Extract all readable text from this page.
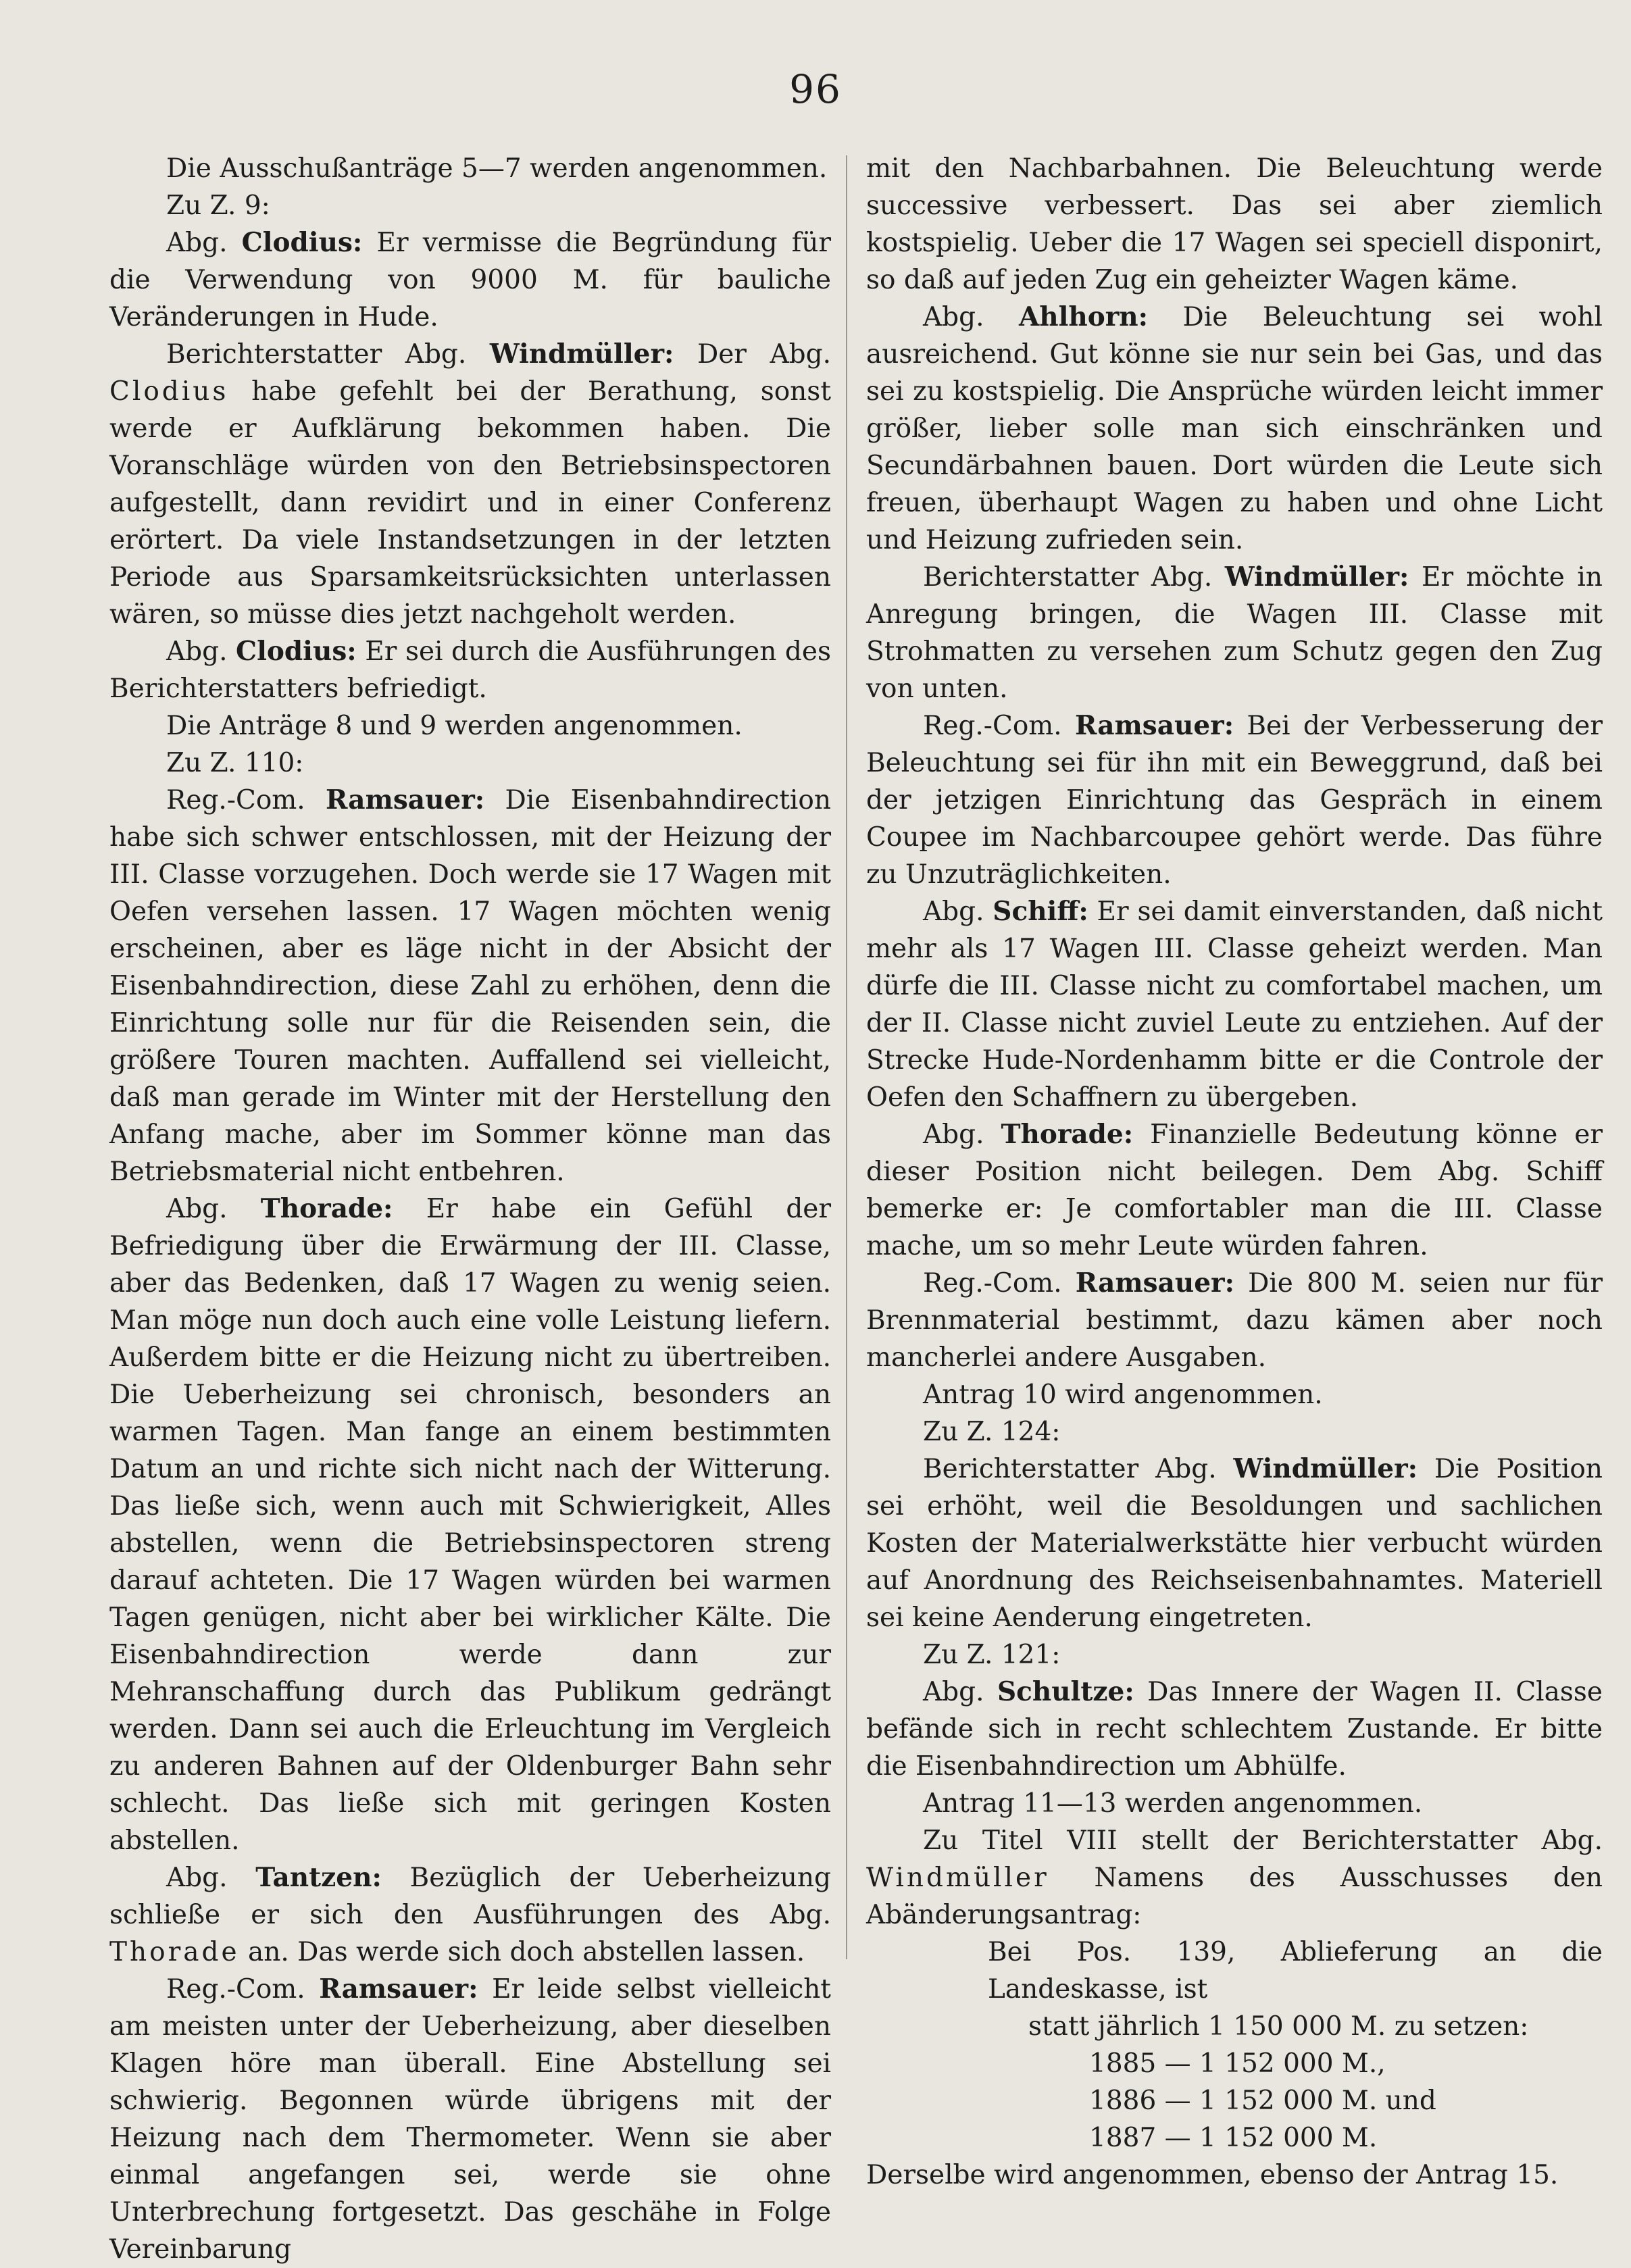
96

Die Ausschußanträge 5—7 werden angenommen.

Zu Z. 9:

Abg. Clodius: Er vermisse die Begründung für die Verwendung von 9000 M. für bauliche Veränderungen in Hude.

Berichterstatter Abg. Windmüller: Der Abg. Clodius habe gefehlt bei der Berathung, sonst werde er Aufklärung bekommen haben. Die Voranschläge würden von den Betriebsinspectoren aufgestellt, dann revidirt und in einer Conferenz erörtert. Da viele Instandsetzungen in der letzten Periode aus Sparsamkeitsrücksichten unterlassen wären, so müsse dies jetzt nachgeholt werden.

Abg. Clodius: Er sei durch die Ausführungen des Berichterstatters befriedigt.

Die Anträge 8 und 9 werden angenommen.

Zu Z. 110:

Reg.-Com. Ramsauer: Die Eisenbahndirection habe sich schwer entschlossen, mit der Heizung der III. Classe vorzugehen. Doch werde sie 17 Wagen mit Oefen versehen lassen. 17 Wagen möchten wenig erscheinen, aber es läge nicht in der Absicht der Eisenbahndirection, diese Zahl zu erhöhen, denn die Einrichtung solle nur für die Reisenden sein, die größere Touren machten. Auffallend sei vielleicht, daß man gerade im Winter mit der Herstellung den Anfang mache, aber im Sommer könne man das Betriebsmaterial nicht entbehren.

Abg. Thorade: Er habe ein Gefühl der Befriedigung über die Erwärmung der III. Classe, aber das Bedenken, daß 17 Wagen zu wenig seien. Man möge nun doch auch eine volle Leistung liefern. Außerdem bitte er die Heizung nicht zu übertreiben. Die Ueberheizung sei chronisch, besonders an warmen Tagen. Man fange an einem bestimmten Datum an und richte sich nicht nach der Witterung. Das ließe sich, wenn auch mit Schwierigkeit, Alles abstellen, wenn die Betriebsinspectoren streng darauf achteten. Die 17 Wagen würden bei warmen Tagen genügen, nicht aber bei wirklicher Kälte. Die Eisenbahndirection werde dann zur Mehranschaffung durch das Publikum gedrängt werden. Dann sei auch die Erleuchtung im Vergleich zu anderen Bahnen auf der Oldenburger Bahn sehr schlecht. Das ließe sich mit geringen Kosten abstellen.

Abg. Tantzen: Bezüglich der Ueberheizung schließe er sich den Ausführungen des Abg. Thorade an. Das werde sich doch abstellen lassen.

Reg.-Com. Ramsauer: Er leide selbst vielleicht am meisten unter der Ueberheizung, aber dieselben Klagen höre man überall. Eine Abstellung sei schwierig. Begonnen würde übrigens mit der Heizung nach dem Thermometer. Wenn sie aber einmal angefangen sei, werde sie ohne Unterbrechung fortgesetzt. Das geschähe in Folge Vereinbarung

mit den Nachbarbahnen. Die Beleuchtung werde successive verbessert. Das sei aber ziemlich kostspielig. Ueber die 17 Wagen sei speciell disponirt, so daß auf jeden Zug ein geheizter Wagen käme.

Abg. Ahlhorn: Die Beleuchtung sei wohl ausreichend. Gut könne sie nur sein bei Gas, und das sei zu kostspielig. Die Ansprüche würden leicht immer größer, lieber solle man sich einschränken und Secundärbahnen bauen. Dort würden die Leute sich freuen, überhaupt Wagen zu haben und ohne Licht und Heizung zufrieden sein.

Berichterstatter Abg. Windmüller: Er möchte in Anregung bringen, die Wagen III. Classe mit Strohmatten zu versehen zum Schutz gegen den Zug von unten.

Reg.-Com. Ramsauer: Bei der Verbesserung der Beleuchtung sei für ihn mit ein Beweggrund, daß bei der jetzigen Einrichtung das Gespräch in einem Coupee im Nachbarcoupee gehört werde. Das führe zu Unzuträglichkeiten.

Abg. Schiff: Er sei damit einverstanden, daß nicht mehr als 17 Wagen III. Classe geheizt werden. Man dürfe die III. Classe nicht zu comfortabel machen, um der II. Classe nicht zuviel Leute zu entziehen. Auf der Strecke Hude-Nordenhamm bitte er die Controle der Oefen den Schaffnern zu übergeben.

Abg. Thorade: Finanzielle Bedeutung könne er dieser Position nicht beilegen. Dem Abg. Schiff bemerke er: Je comfortabler man die III. Classe mache, um so mehr Leute würden fahren.

Reg.-Com. Ramsauer: Die 800 M. seien nur für Brennmaterial bestimmt, dazu kämen aber noch mancherlei andere Ausgaben.

Antrag 10 wird angenommen.

Zu Z. 124:

Berichterstatter Abg. Windmüller: Die Position sei erhöht, weil die Besoldungen und sachlichen Kosten der Materialwerkstätte hier verbucht würden auf Anordnung des Reichseisenbahnamtes. Materiell sei keine Aenderung eingetreten.

Zu Z. 121:

Abg. Schultze: Das Innere der Wagen II. Classe befände sich in recht schlechtem Zustande. Er bitte die Eisenbahndirection um Abhülfe.

Antrag 11—13 werden angenommen.

Zu Titel VIII stellt der Berichterstatter Abg. Windmüller Namens des Ausschusses den Abänderungsantrag:

Bei Pos. 139, Ablieferung an die Landeskasse, ist

statt jährlich 1 150 000 M. zu setzen:

1885 — 1 152 000 M.,

1886 — 1 152 000 M. und

1887 — 1 152 000 M.

Derselbe wird angenommen, ebenso der Antrag 15.
